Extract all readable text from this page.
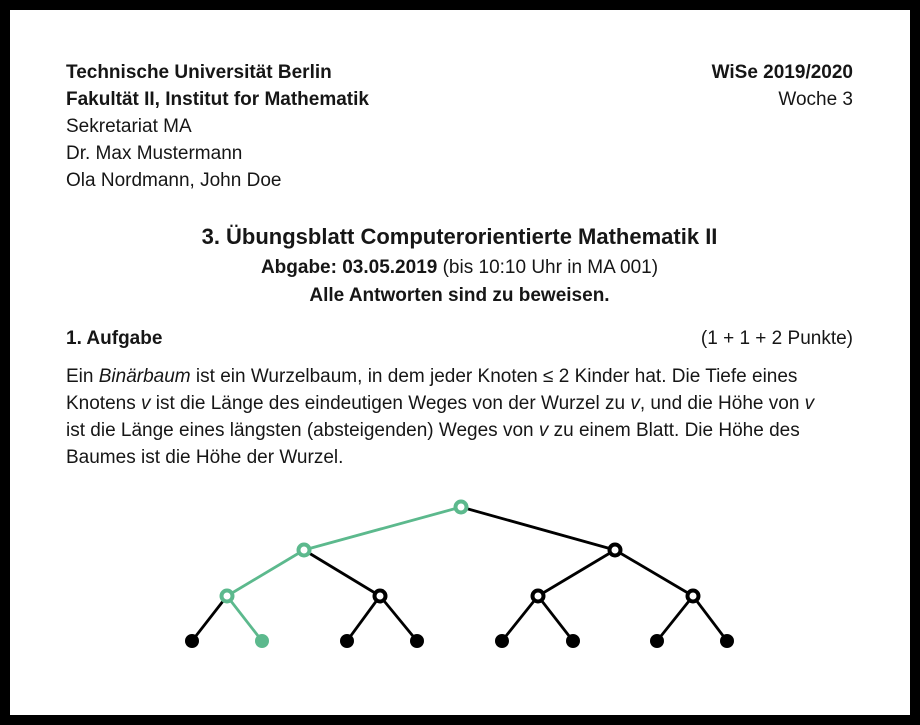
Technische Universität Berlin
Fakultät II, Institut for Mathematik
Sekretariat MA
Dr. Max Mustermann
Ola Nordmann, John Doe
WiSe 2019/2020
Woche 3
3. Übungsblatt Computerorientierte Mathematik II
Abgabe: 03.05.2019 (bis 10:10 Uhr in MA 001)
Alle Antworten sind zu beweisen.
1. Aufgabe	(1 + 1 + 2 Punkte)
Ein Binärbaum ist ein Wurzelbaum, in dem jeder Knoten ≤ 2 Kinder hat. Die Tiefe eines
Knotens v ist die Länge des eindeutigen Weges von der Wurzel zu v, und die Höhe von v
ist die Länge eines längsten (absteigenden) Weges von v zu einem Blatt. Die Höhe des
Baumes ist die Höhe der Wurzel.
